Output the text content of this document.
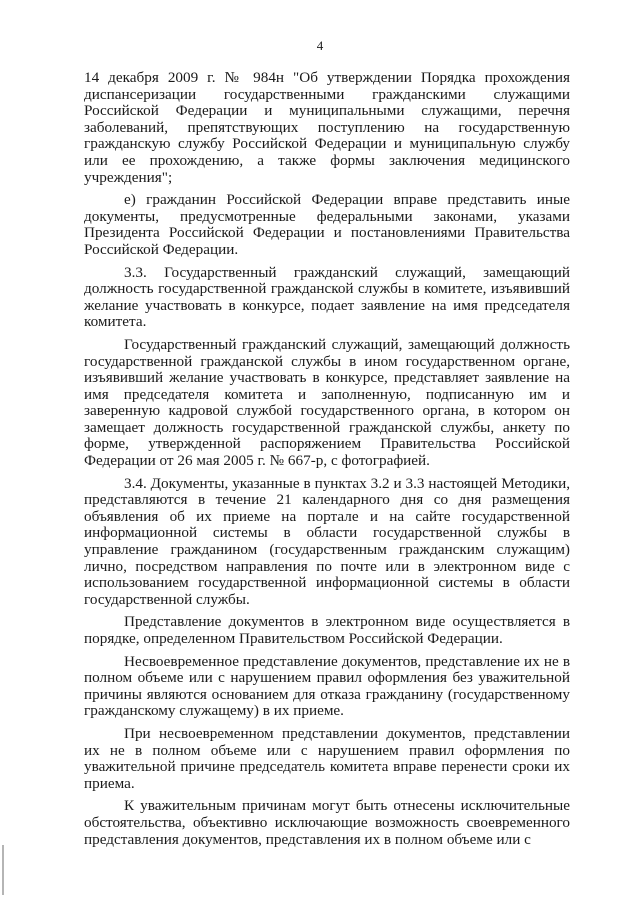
4

14 декабря 2009 г. № 984н "Об утверждении Порядка прохождения диспансеризации государственными гражданскими служащими Российской Федерации и муниципальными служащими, перечня заболеваний, препятствующих поступлению на государственную гражданскую службу Российской Федерации и муниципальную службу или ее прохождению, а также формы заключения медицинского учреждения";

е) гражданин Российской Федерации вправе представить иные документы, предусмотренные федеральными законами, указами Президента Российской Федерации и постановлениями Правительства Российской Федерации.

3.3. Государственный гражданский служащий, замещающий должность государственной гражданской службы в комитете, изъявивший желание участвовать в конкурсе, подает заявление на имя председателя комитета.

Государственный гражданский служащий, замещающий должность государственной гражданской службы в ином государственном органе, изъявивший желание участвовать в конкурсе, представляет заявление на имя председателя комитета и заполненную, подписанную им и заверенную кадровой службой государственного органа, в котором он замещает должность государственной гражданской службы, анкету по форме, утвержденной распоряжением Правительства Российской Федерации от 26 мая 2005 г. № 667-р, с фотографией.

3.4. Документы, указанные в пунктах 3.2 и 3.3 настоящей Методики, представляются в течение 21 календарного дня со дня размещения объявления об их приеме на портале и на сайте государственной информационной системы в области государственной службы в управление гражданином (государственным гражданским служащим) лично, посредством направления по почте или в электронном виде с использованием государственной информационной системы в области государственной службы.

Представление документов в электронном виде осуществляется в порядке, определенном Правительством Российской Федерации.

Несвоевременное представление документов, представление их не в полном объеме или с нарушением правил оформления без уважительной причины являются основанием для отказа гражданину (государственному гражданскому служащему) в их приеме.

При несвоевременном представлении документов, представлении их не в полном объеме или с нарушением правил оформления по уважительной причине председатель комитета вправе перенести сроки их приема.

К уважительным причинам могут быть отнесены исключительные обстоятельства, объективно исключающие возможность своевременного представления документов, представления их в полном объеме или с
